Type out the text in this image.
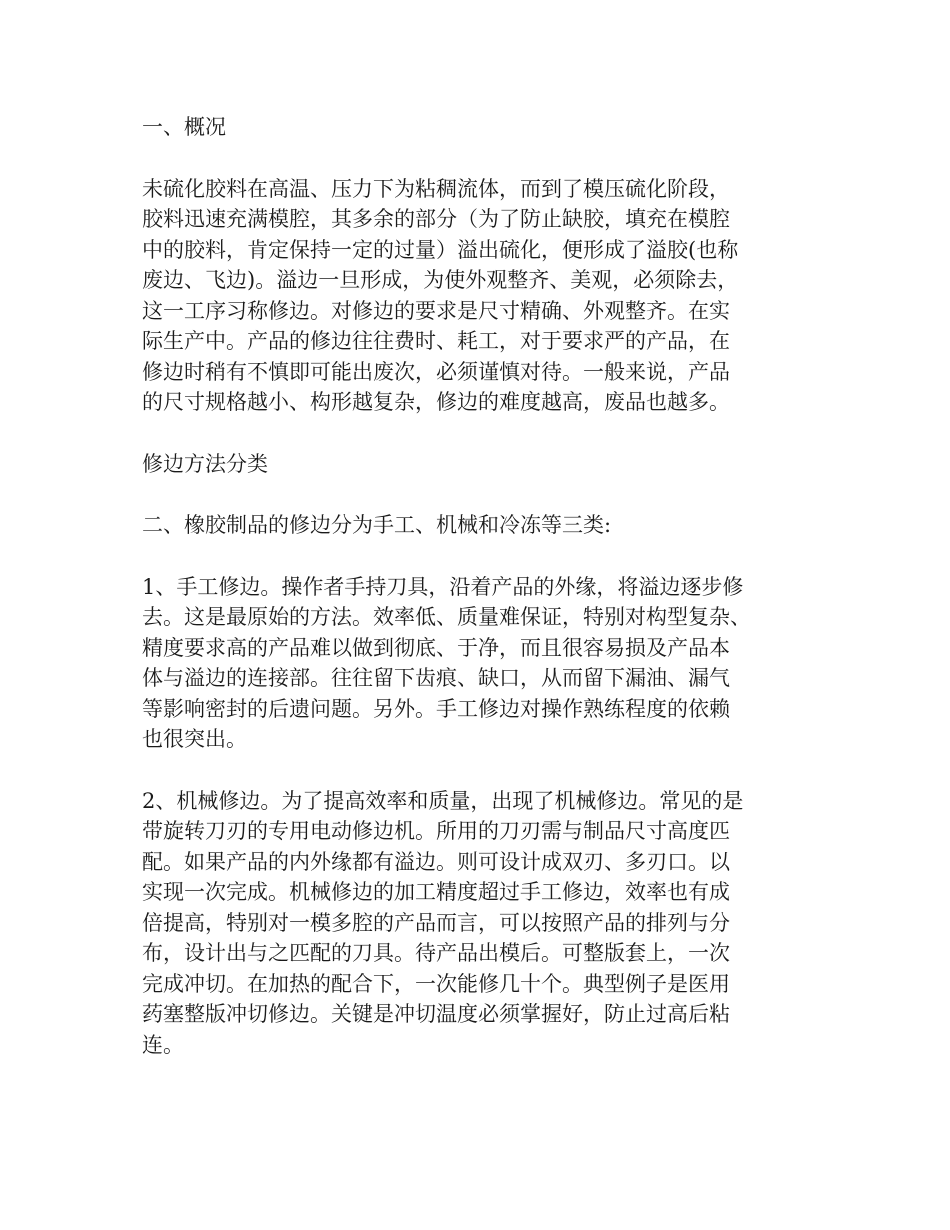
一、概况
未硫化胶料在高温、压力下为粘稠流体，而到了模压硫化阶段，
胶料迅速充满模腔，其多余的部分（为了防止缺胶，填充在模腔
中的胶料，肯定保持一定的过量）溢出硫化，便形成了溢胶(也称
废边、飞边)。溢边一旦形成，为使外观整齐、美观，必须除去，
这一工序习称修边。对修边的要求是尺寸精确、外观整齐。在实
际生产中。产品的修边往往费时、耗工，对于要求严的产品，在
修边时稍有不慎即可能出废次，必须谨慎对待。一般来说，产品
的尺寸规格越小、构形越复杂，修边的难度越高，废品也越多。
修边方法分类
二、橡胶制品的修边分为手工、机械和冷冻等三类:
1、手工修边。操作者手持刀具，沿着产品的外缘，将溢边逐步修
去。这是最原始的方法。效率低、质量难保证，特别对构型复杂、
精度要求高的产品难以做到彻底、于净，而且很容易损及产品本
体与溢边的连接部。往往留下齿痕、缺口，从而留下漏油、漏气
等影响密封的后遗问题。另外。手工修边对操作熟练程度的依赖
也很突出。
2、机械修边。为了提高效率和质量，出现了机械修边。常见的是
带旋转刀刃的专用电动修边机。所用的刀刃需与制品尺寸高度匹
配。如果产品的内外缘都有溢边。则可设计成双刃、多刃口。以
实现一次完成。机械修边的加工精度超过手工修边，效率也有成
倍提高，特别对一模多腔的产品而言，可以按照产品的排列与分
布，设计出与之匹配的刀具。待产品出模后。可整版套上，一次
完成冲切。在加热的配合下，一次能修几十个。典型例子是医用
药塞整版冲切修边。关键是冲切温度必须掌握好，防止过高后粘
连。
